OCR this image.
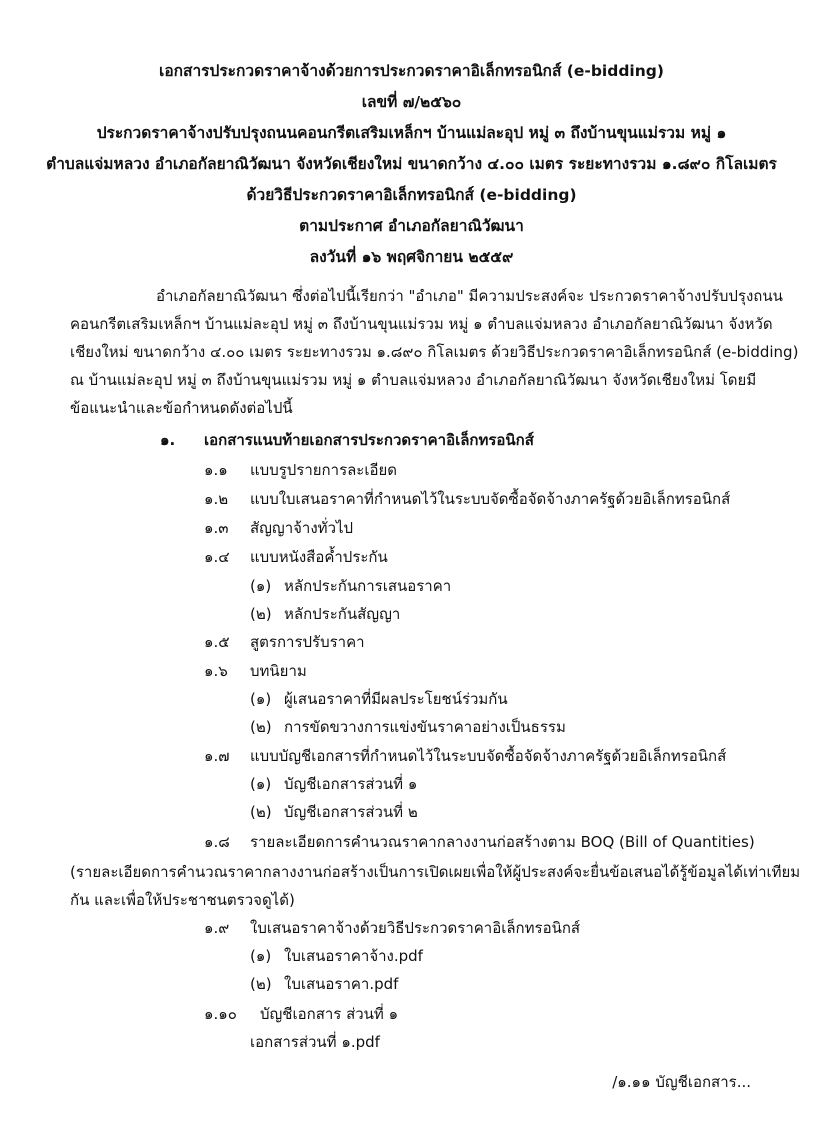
เอกสารประกวดราคาจ้างด้วยการประกวดราคาอิเล็กทรอนิกส์ (e-bidding)
เลขที่ ๗/๒๕๖๐
ประกวดราคาจ้างปรับปรุงถนนคอนกรีตเสริมเหล็กฯ บ้านแม่ละอุป หมู่ ๓ ถึงบ้านขุนแม่รวม หมู่ ๑
ตำบลแจ่มหลวง อำเภอกัลยาณิวัฒนา จังหวัดเชียงใหม่ ขนาดกว้าง ๔.๐๐ เมตร ระยะทางรวม ๑.๘๙๐ กิโลเมตร
ด้วยวิธีประกวดราคาอิเล็กทรอนิกส์ (e-bidding)
ตามประกาศ อำเภอกัลยาณิวัฒนา
ลงวันที่ ๑๖ พฤศจิกายน ๒๕๕๙
อำเภอกัลยาณิวัฒนา ซึ่งต่อไปนี้เรียกว่า "อำเภอ" มีความประสงค์จะ ประกวดราคาจ้างปรับปรุงถนน
คอนกรีตเสริมเหล็กฯ บ้านแม่ละอุป หมู่ ๓ ถึงบ้านขุนแม่รวม หมู่ ๑ ตำบลแจ่มหลวง อำเภอกัลยาณิวัฒนา จังหวัด
เชียงใหม่ ขนาดกว้าง ๔.๐๐ เมตร ระยะทางรวม ๑.๘๙๐ กิโลเมตร ด้วยวิธีประกวดราคาอิเล็กทรอนิกส์ (e-bidding)
ณ บ้านแม่ละอุป หมู่ ๓ ถึงบ้านขุนแม่รวม หมู่ ๑ ตำบลแจ่มหลวง อำเภอกัลยาณิวัฒนา จังหวัดเชียงใหม่ โดยมี
ข้อแนะนำและข้อกำหนดดังต่อไปนี้
๑. เอกสารแนบท้ายเอกสารประกวดราคาอิเล็กทรอนิกส์
๑.๑ แบบรูปรายการละเอียด
๑.๒ แบบใบเสนอราคาที่กำหนดไว้ในระบบจัดซื้อจัดจ้างภาครัฐด้วยอิเล็กทรอนิกส์
๑.๓ สัญญาจ้างทั่วไป
๑.๔ แบบหนังสือค้ำประกัน
(๑) หลักประกันการเสนอราคา
(๒) หลักประกันสัญญา
๑.๕ สูตรการปรับราคา
๑.๖ บทนิยาม
(๑) ผู้เสนอราคาที่มีผลประโยชน์ร่วมกัน
(๒) การขัดขวางการแข่งขันราคาอย่างเป็นธรรม
๑.๗ แบบบัญชีเอกสารที่กำหนดไว้ในระบบจัดซื้อจัดจ้างภาครัฐด้วยอิเล็กทรอนิกส์
(๑) บัญชีเอกสารส่วนที่ ๑
(๒) บัญชีเอกสารส่วนที่ ๒
๑.๘ รายละเอียดการคำนวณราคากลางงานก่อสร้างตาม BOQ (Bill of Quantities)
(รายละเอียดการคำนวณราคากลางงานก่อสร้างเป็นการเปิดเผยเพื่อให้ผู้ประสงค์จะยื่นข้อเสนอได้รู้ข้อมูลได้เท่าเทียม
กัน และเพื่อให้ประชาชนตรวจดูได้)
๑.๙ ใบเสนอราคาจ้างด้วยวิธีประกวดราคาอิเล็กทรอนิกส์
(๑) ใบเสนอราคาจ้าง.pdf
(๒) ใบเสนอราคา.pdf
๑.๑๐ บัญชีเอกสาร ส่วนที่ ๑
เอกสารส่วนที่ ๑.pdf
/๑.๑๑ บัญชีเอกสาร...
